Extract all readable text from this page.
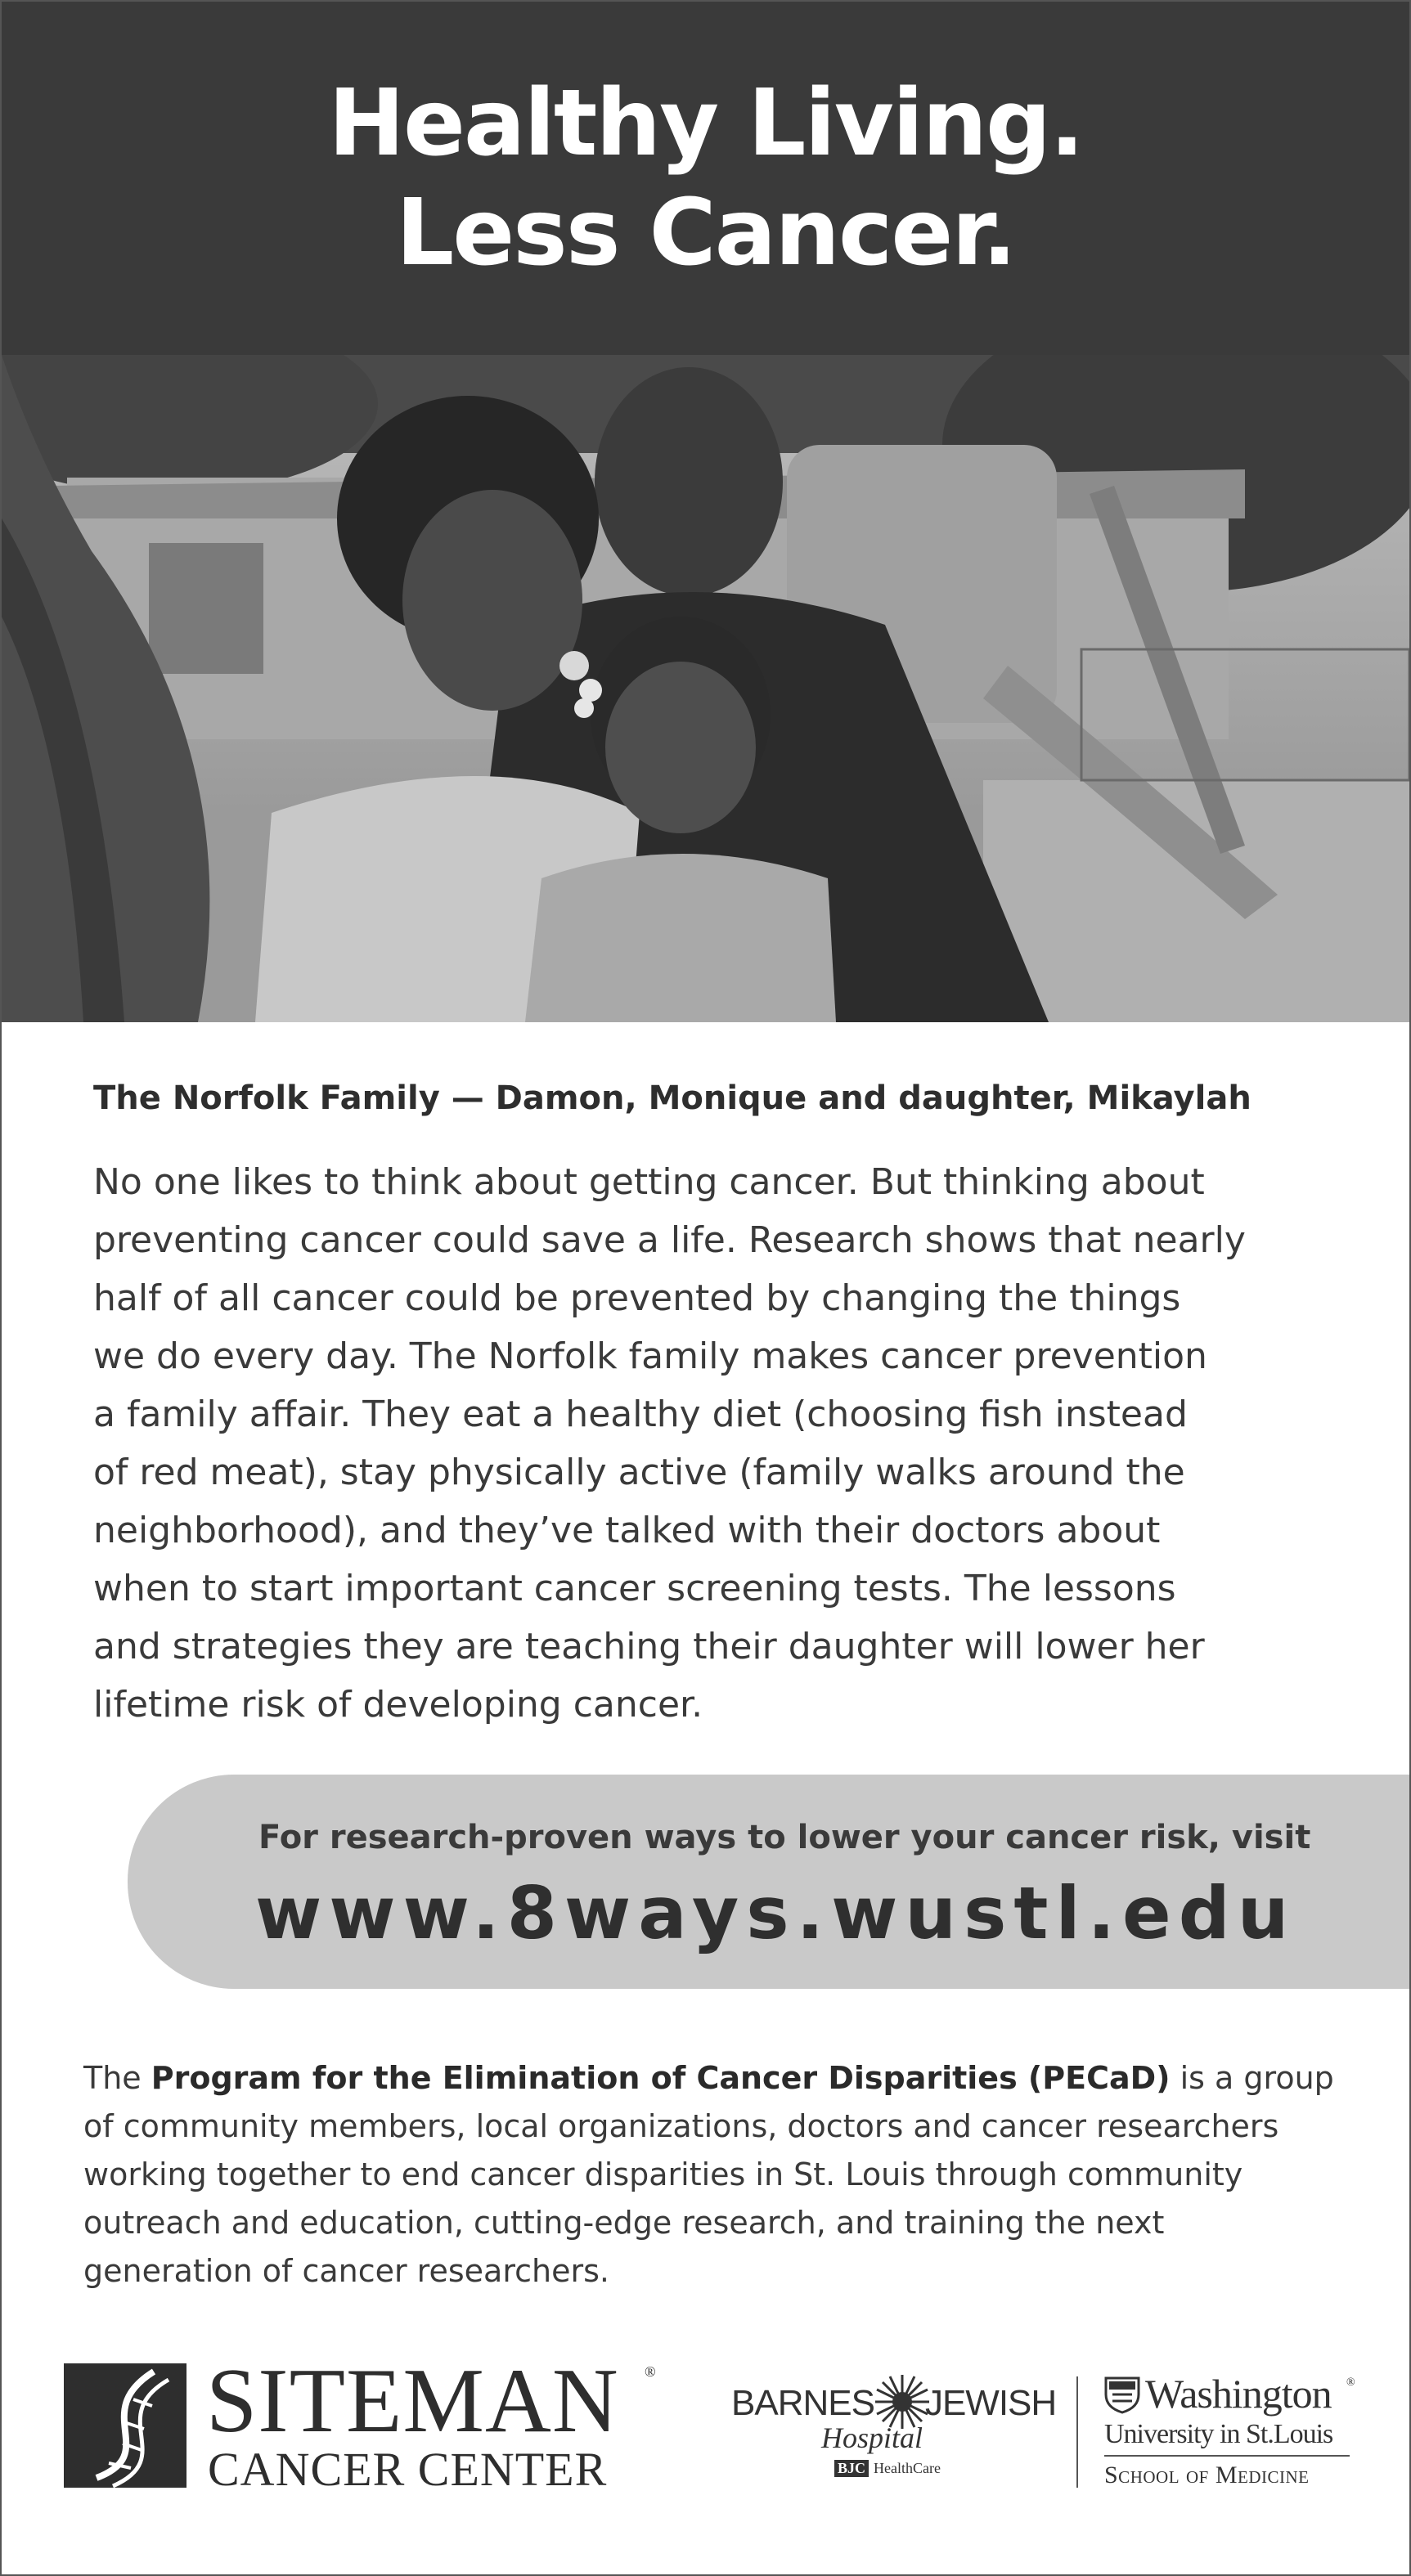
Healthy Living.
Less Cancer.
The Norfolk Family — Damon, Monique and daughter, Mikaylah
No one likes to think about getting cancer. But thinking about
preventing cancer could save a life. Research shows that nearly
half of all cancer could be prevented by changing the things
we do every day. The Norfolk family makes cancer prevention
a family affair. They eat a healthy diet (choosing fish instead
of red meat), stay physically active (family walks around the
neighborhood), and they’ve talked with their doctors about
when to start important cancer screening tests. The lessons
and strategies they are teaching their daughter will lower her
lifetime risk of developing cancer.
For research-proven ways to lower your cancer risk, visit
www.8ways.wustl.edu
The Program for the Elimination of Cancer Disparities (PECaD) is a group
of community members, local organizations, doctors and cancer researchers
working together to end cancer disparities in St. Louis through community
outreach and education, cutting-edge research, and training the next
generation of cancer researchers.
SITEMAN ®
CANCER CENTER
BARNES JEWISH
Hospital
BJC HealthCare
Washington ®
University in St.Louis
School of Medicine
